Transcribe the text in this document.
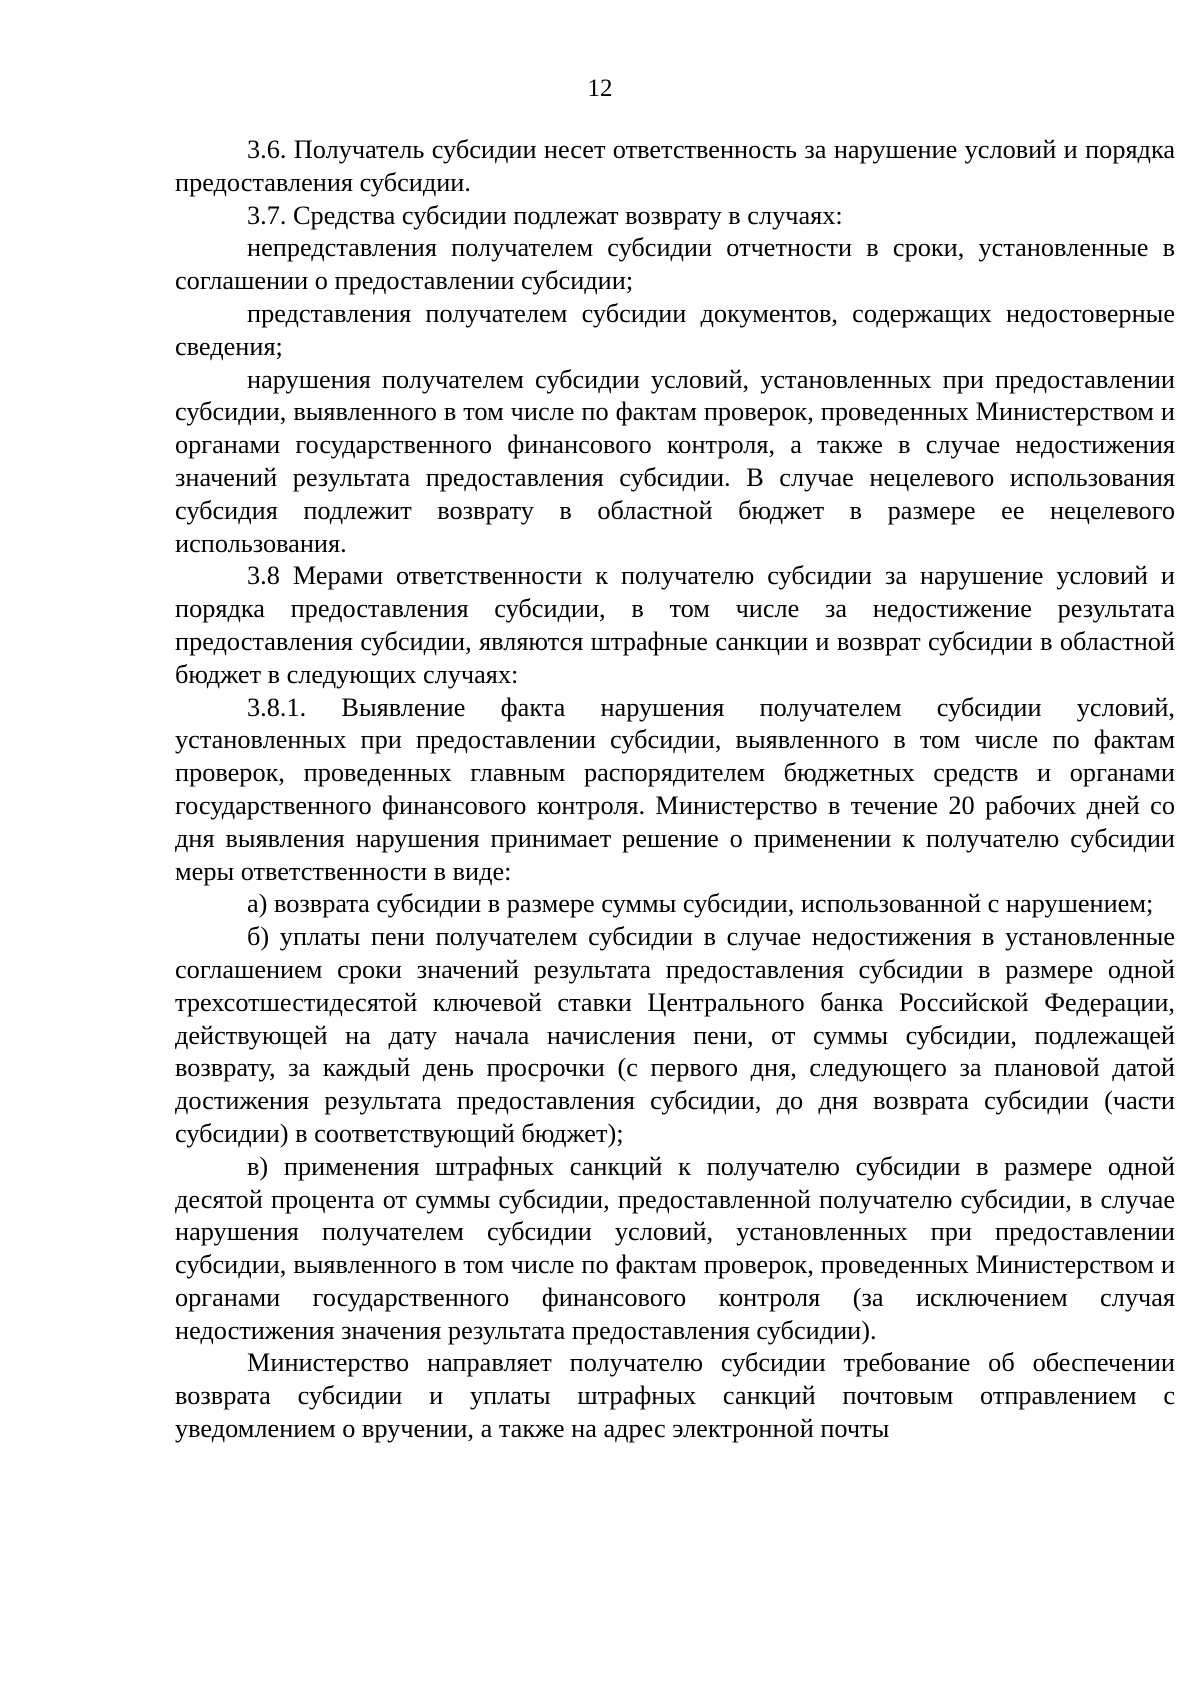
12

3.6. Получатель субсидии несет ответственность за нарушение условий и порядка предоставления субсидии.

3.7. Средства субсидии подлежат возврату в случаях:

непредставления получателем субсидии отчетности в сроки, установленные в соглашении о предоставлении субсидии;

представления получателем субсидии документов, содержащих недостоверные сведения;

нарушения получателем субсидии условий, установленных при предоставлении субсидии, выявленного в том числе по фактам проверок, проведенных Министерством и органами государственного финансового контроля, а также в случае недостижения значений результата предоставления субсидии. В случае нецелевого использования субсидия подлежит возврату в областной бюджет в размере ее нецелевого использования.

3.8 Мерами ответственности к получателю субсидии за нарушение условий и порядка предоставления субсидии, в том числе за недостижение результата предоставления субсидии, являются штрафные санкции и возврат субсидии в областной бюджет в следующих случаях:

3.8.1. Выявление факта нарушения получателем субсидии условий, установленных при предоставлении субсидии, выявленного в том числе по фактам проверок, проведенных главным распорядителем бюджетных средств и органами государственного финансового контроля. Министерство в течение 20 рабочих дней со дня выявления нарушения принимает решение о применении к получателю субсидии меры ответственности в виде:

а) возврата субсидии в размере суммы субсидии, использованной с нарушением;

б) уплаты пени получателем субсидии в случае недостижения в установленные соглашением сроки значений результата предоставления субсидии в размере одной трехсотшестидесятой ключевой ставки Центрального банка Российской Федерации, действующей на дату начала начисления пени, от суммы субсидии, подлежащей возврату, за каждый день просрочки (с первого дня, следующего за плановой датой достижения результата предоставления субсидии, до дня возврата субсидии (части субсидии) в соответствующий бюджет);

в) применения штрафных санкций к получателю субсидии в размере одной десятой процента от суммы субсидии, предоставленной получателю субсидии, в случае нарушения получателем субсидии условий, установленных при предоставлении субсидии, выявленного в том числе по фактам проверок, проведенных Министерством и органами государственного финансового контроля (за исключением случая недостижения значения результата предоставления субсидии).

Министерство направляет получателю субсидии требование об обеспечении возврата субсидии и уплаты штрафных санкций почтовым отправлением с уведомлением о вручении, а также на адрес электронной почты
